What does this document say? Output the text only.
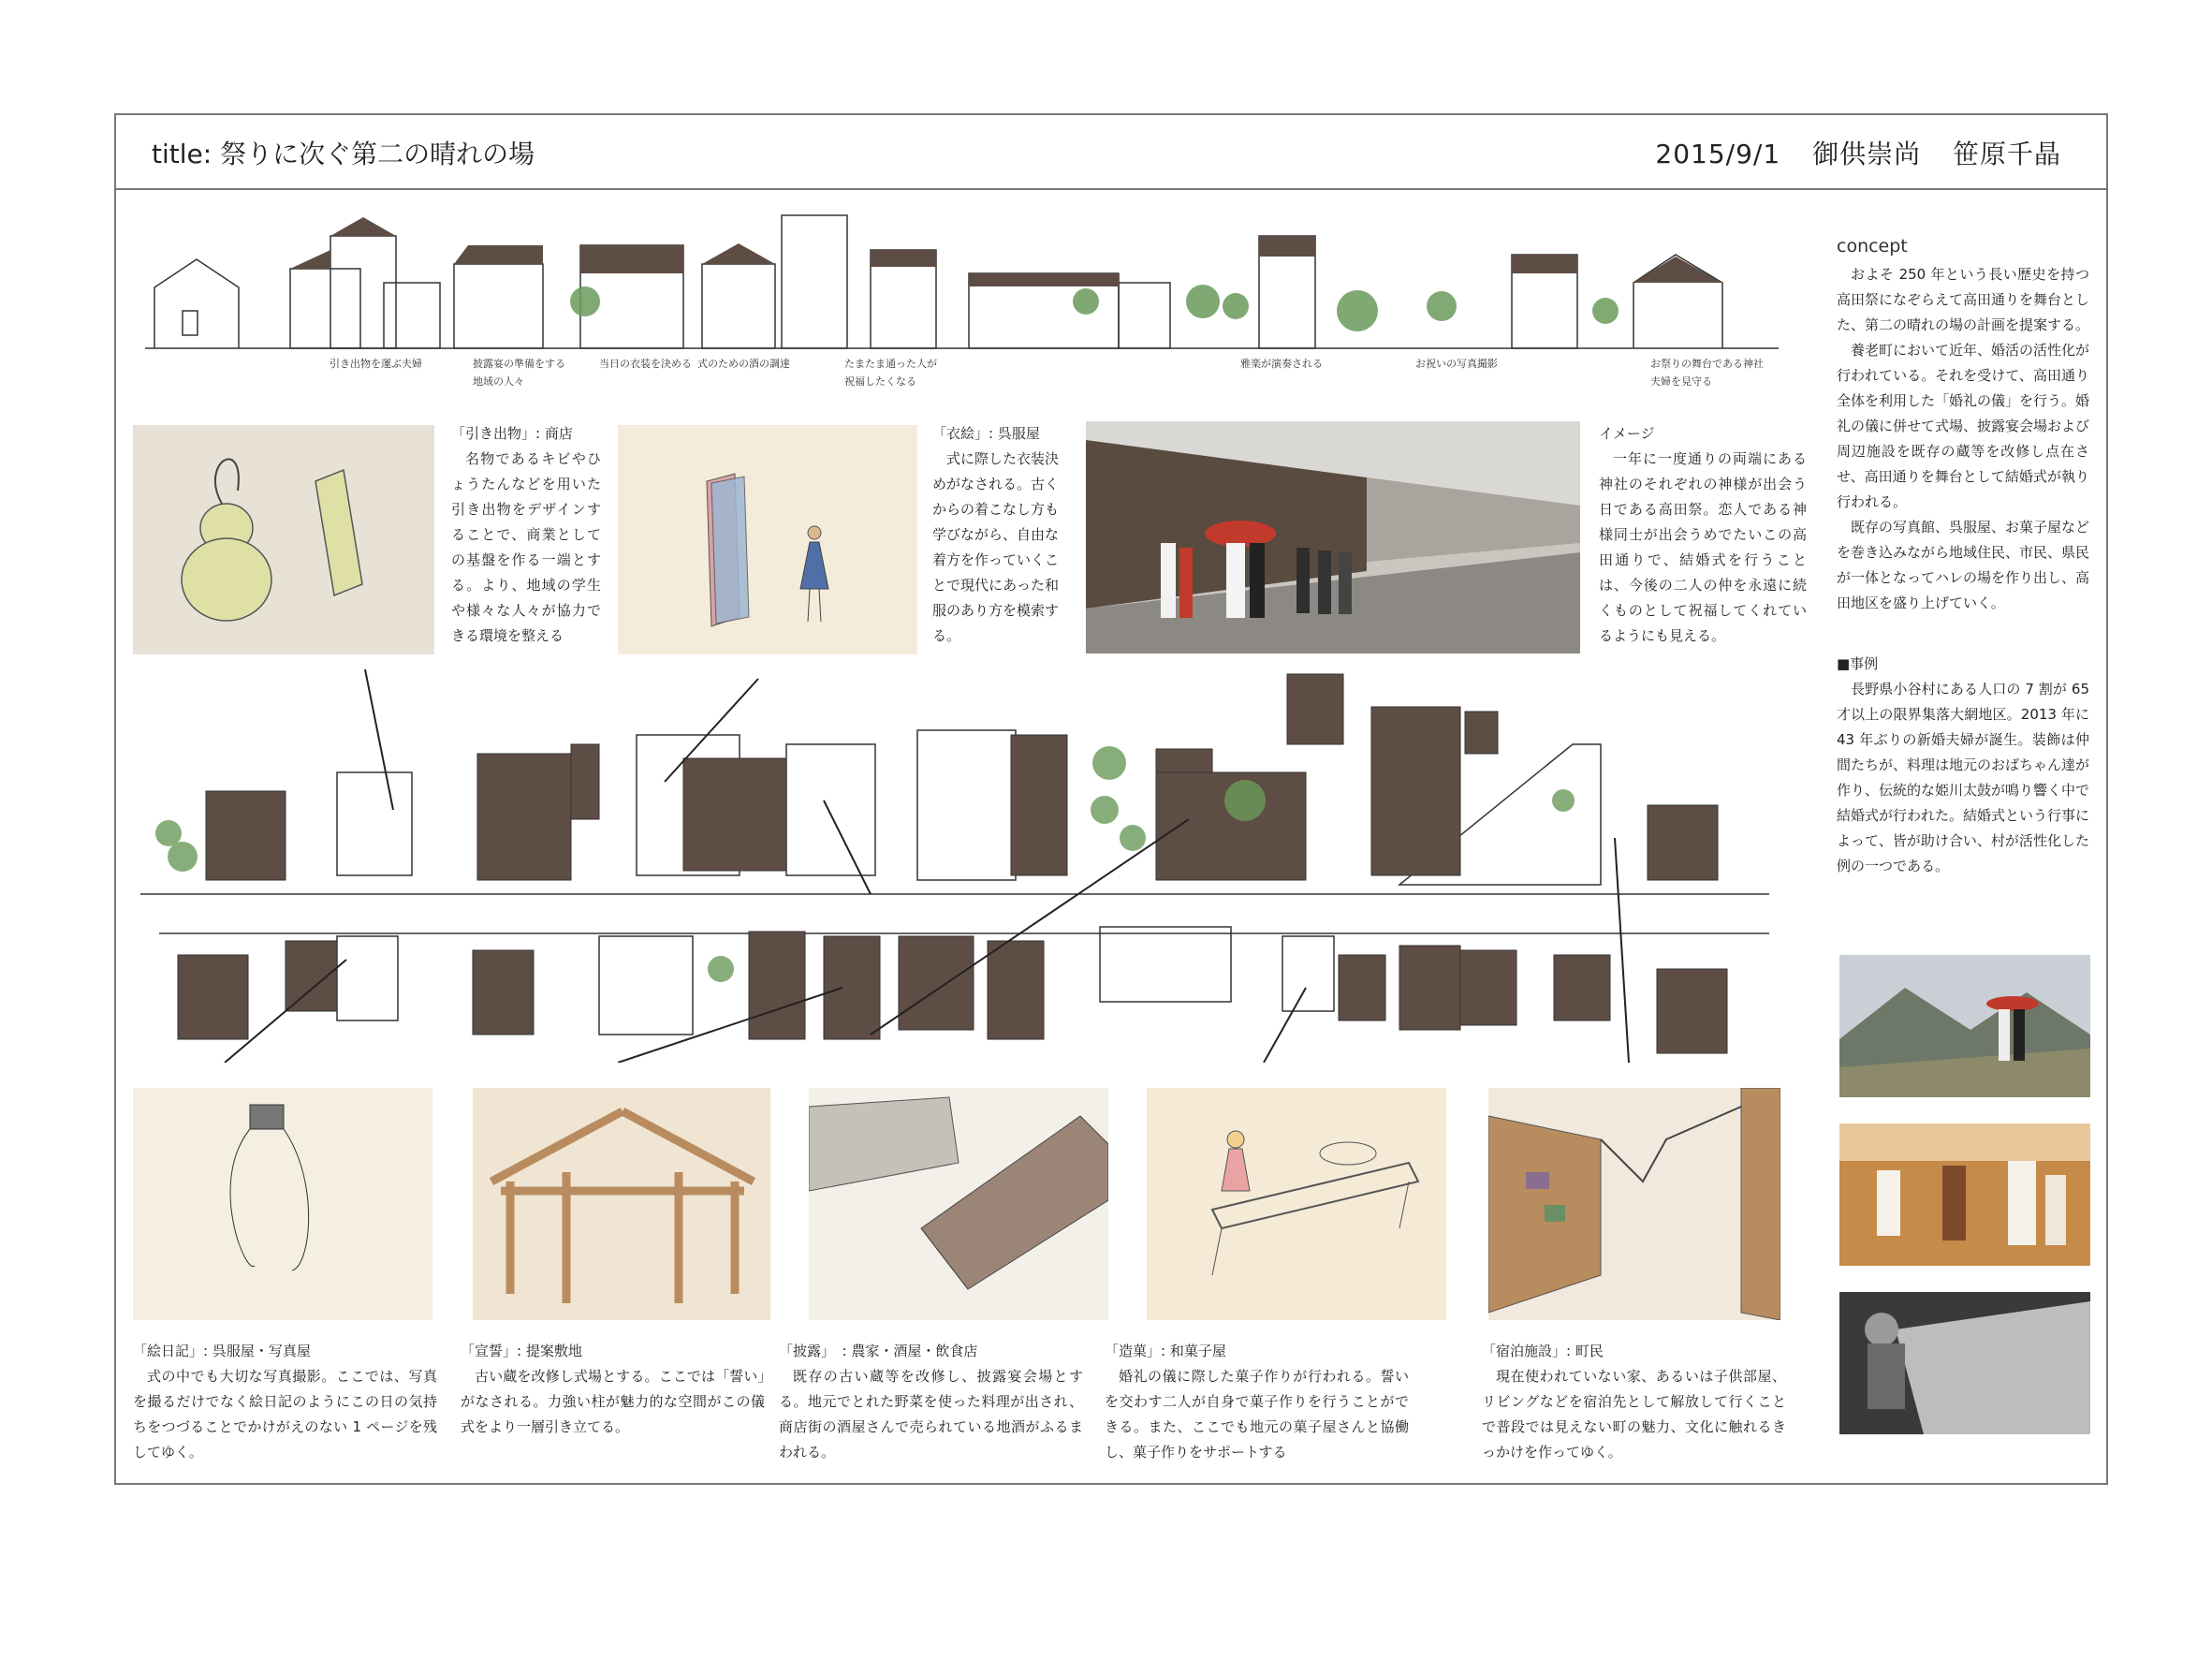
title: 祭りに次ぐ第二の晴れの場	2015/9/1 御供崇尚 笹原千晶
引き出物を運ぶ夫婦	披露宴の準備をする
地域の人々
当日の衣装を決める 式のための酒の調達	たまたま通った人が
祝福したくなる
雅楽が演奏される	お祝いの写真撮影	お祭りの舞台である神社
夫婦を見守る
「引き出物」: 商店
名物であるキビやひょうたんなどを用いた引き出物をデザインすることで、商業としての基盤を作る一端とする。より、地域の学生や様々な人々が協力できる環境を整える
「衣絵」: 呉服屋
式に際した衣装決めがなされる。古くからの着こなし方も学びながら、自由な着方を作っていくことで現代にあった和服のあり方を模索する。
イメージ
一年に一度通りの両端にある神社のそれぞれの神様が出会う日である高田祭。恋人である神様同士が出会うめでたいこの高田通りで、結婚式を行うことは、今後の二人の仲を永遠に続くものとして祝福してくれているようにも見える。
concept
およそ 250 年という長い歴史を持つ高田祭になぞらえて高田通りを舞台とした、第二の晴れの場の計画を提案する。
養老町において近年、婚活の活性化が行われている。それを受けて、高田通り全体を利用した「婚礼の儀」を行う。婚礼の儀に併せて式場、披露宴会場および周辺施設を既存の蔵等を改修し点在させ、高田通りを舞台として結婚式が執り行われる。
既存の写真館、呉服屋、お菓子屋などを巻き込みながら地域住民、市民、県民が一体となってハレの場を作り出し、高田地区を盛り上げていく。
■事例
長野県小谷村にある人口の 7 割が 65 才以上の限界集落大網地区。2013 年に 43 年ぶりの新婚夫婦が誕生。装飾は仲間たちが、料理は地元のおばちゃん達が作り、伝統的な姫川太鼓が鳴り響く中で結婚式が行われた。結婚式という行事によって、皆が助け合い、村が活性化した例の一つである。
「絵日記」: 呉服屋・写真屋
式の中でも大切な写真撮影。ここでは、写真を撮るだけでなく絵日記のようにこの日の気持ちをつづることでかけがえのない 1 ページを残してゆく。
「宣誓」: 提案敷地
古い蔵を改修し式場とする。ここでは「誓い」がなされる。力強い柱が魅力的な空間がこの儀式をより一層引き立てる。
「披露」　: 農家・酒屋・飲食店
既存の古い蔵等を改修し、披露宴会場とする。地元でとれた野菜を使った料理が出され、商店街の酒屋さんで売られている地酒がふるまわれる。
「造菓」: 和菓子屋
婚礼の儀に際した菓子作りが行われる。誓いを交わす二人が自身で菓子作りを行うことができる。また、ここでも地元の菓子屋さんと協働し、菓子作りをサポートする
「宿泊施設」: 町民
現在使われていない家、あるいは子供部屋、リビングなどを宿泊先として解放して行くことで普段では見えない町の魅力、文化に触れるきっかけを作ってゆく。
